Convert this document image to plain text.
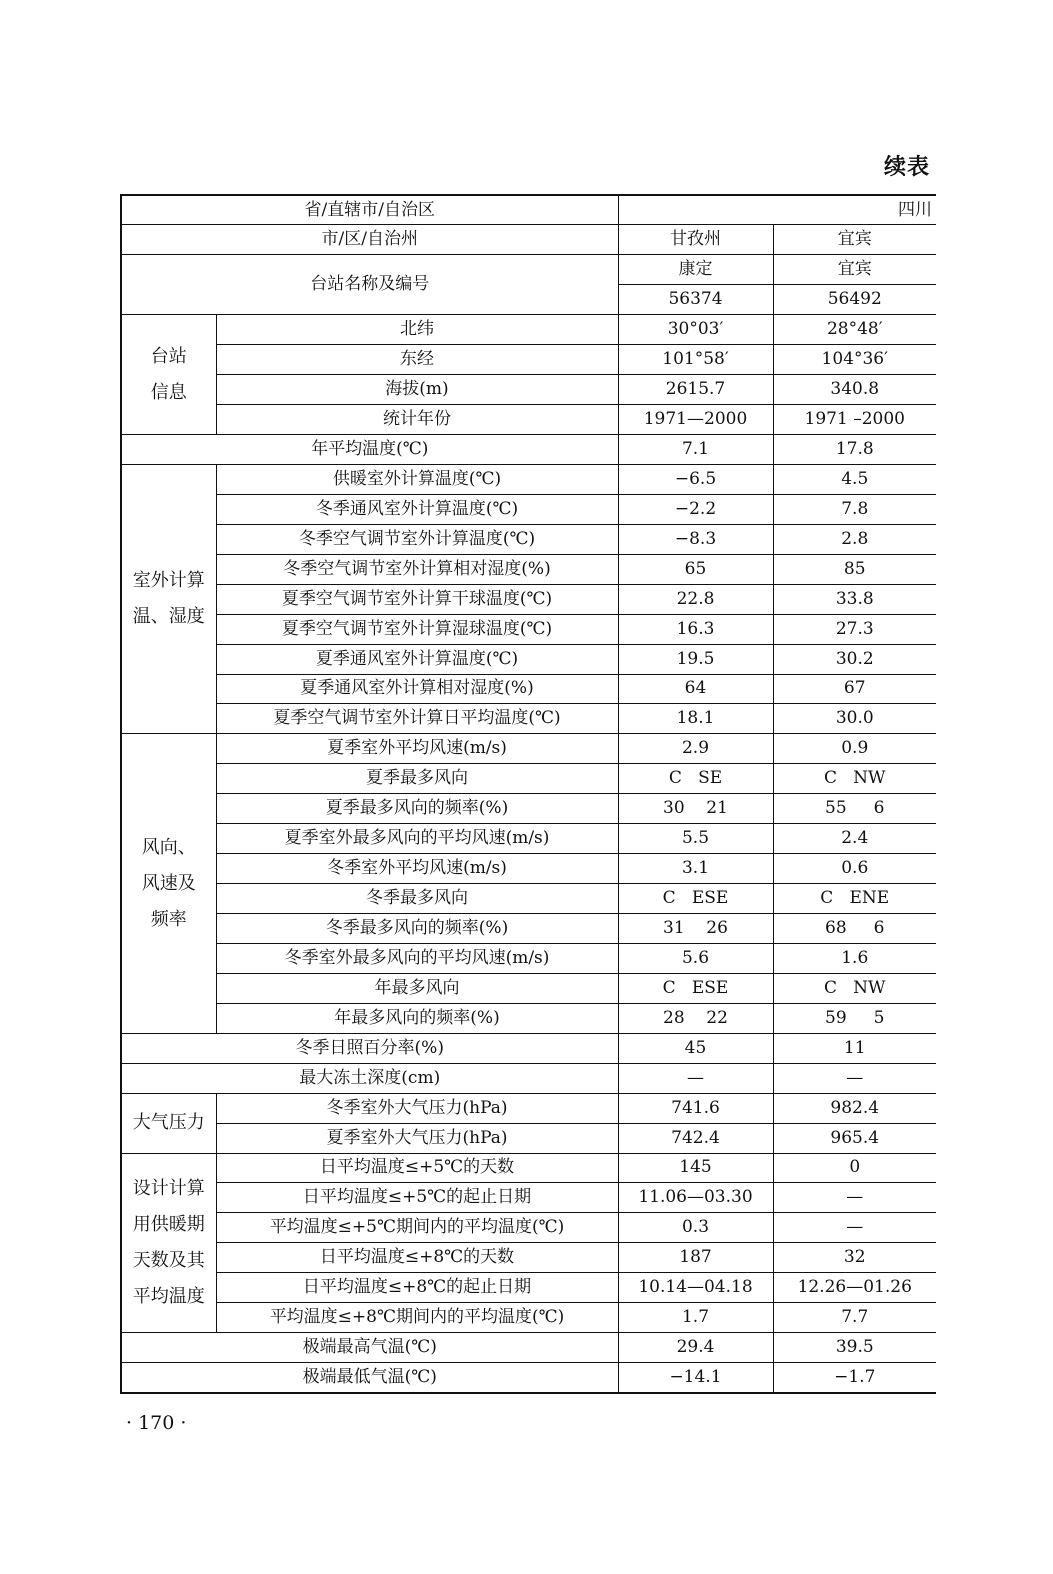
续表
省/直辖市/自治区		四川	
市/区/自治州		甘孜州	宜宾
台站名称及编号		康定	宜宾
		56374	56492
台站信息	北纬	30°03′	28°48′
	东经	101°58′	104°36′
	海拔(m)	2615.7	340.8
	统计年份	1971—2000	1971 –2000
年平均温度(℃)		7.1	17.8
室外计算温、湿度	供暖室外计算温度(℃)	−6.5	4.5
	冬季通风室外计算温度(℃)	−2.2	7.8
	冬季空气调节室外计算温度(℃)	−8.3	2.8
	冬季空气调节室外计算相对湿度(%)	65	85
	夏季空气调节室外计算干球温度(℃)	22.8	33.8
	夏季空气调节室外计算湿球温度(℃)	16.3	27.3
	夏季通风室外计算温度(℃)	19.5	30.2
	夏季通风室外计算相对湿度(%)	64	67
	夏季空气调节室外计算日平均温度(℃)	18.1	30.0
风向、风速及频率	夏季室外平均风速(m/s)	2.9	0.9
	夏季最多风向	C   SE	C   NW
	夏季最多风向的频率(%)	30    21	55     6
	夏季室外最多风向的平均风速(m/s)	5.5	2.4
	冬季室外平均风速(m/s)	3.1	0.6
	冬季最多风向	C   ESE	C   ENE
	冬季最多风向的频率(%)	31    26	68     6
	冬季室外最多风向的平均风速(m/s)	5.6	1.6
	年最多风向	C   ESE	C   NW
	年最多风向的频率(%)	28    22	59     5
冬季日照百分率(%)		45	11
最大冻土深度(cm)		—	—
大气压力	冬季室外大气压力(hPa)	741.6	982.4
	夏季室外大气压力(hPa)	742.4	965.4
设计计算用供暖期天数及其平均温度	日平均温度≤+5℃的天数	145	0
	日平均温度≤+5℃的起止日期	11.06—03.30	—
	平均温度≤+5℃期间内的平均温度(℃)	0.3	—
	日平均温度≤+8℃的天数	187	32
	日平均温度≤+8℃的起止日期	10.14—04.18	12.26—01.26
	平均温度≤+8℃期间内的平均温度(℃)	1.7	7.7
极端最高气温(℃)		29.4	39.5
极端最低气温(℃)		−14.1	−1.7
· 170 ·
